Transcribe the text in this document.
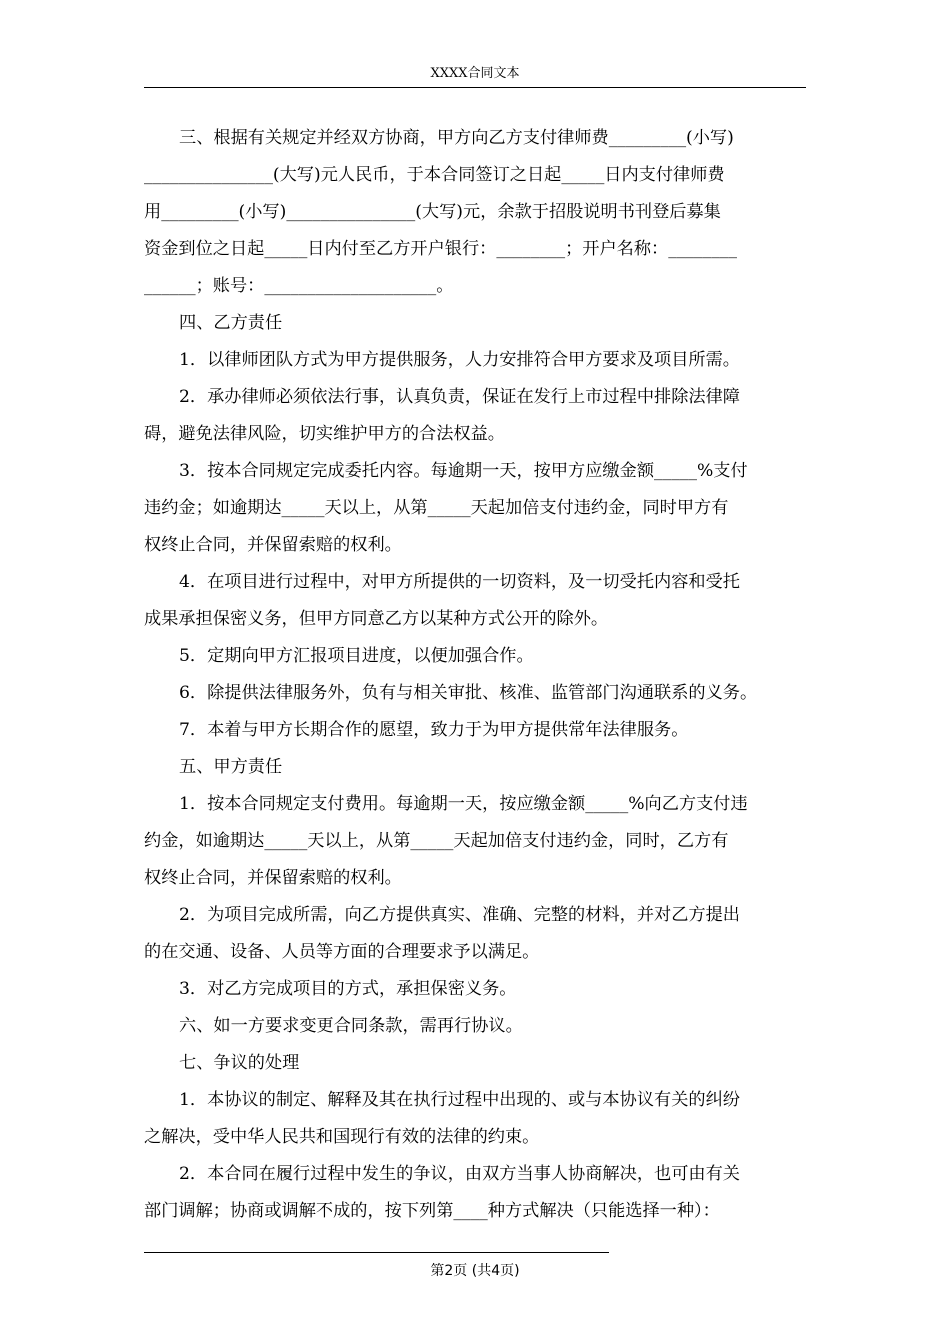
XXXX合同文本
三、根据有关规定并经双方协商，甲方向乙方支付律师费_________(小写)
_______________(大写)元人民币，于本合同签订之日起_____日内支付律师费
用_________(小写)_______________(大写)元，余款于招股说明书刊登后募集
资金到位之日起_____日内付至乙方开户银行：________；开户名称：________
______；账号：____________________。
四、乙方责任
1．以律师团队方式为甲方提供服务，人力安排符合甲方要求及项目所需。
2．承办律师必须依法行事，认真负责，保证在发行上市过程中排除法律障
碍，避免法律风险，切实维护甲方的合法权益。
3．按本合同规定完成委托内容。每逾期一天，按甲方应缴金额_____%支付
违约金；如逾期达_____天以上，从第_____天起加倍支付违约金，同时甲方有
权终止合同，并保留索赔的权利。
4．在项目进行过程中，对甲方所提供的一切资料，及一切受托内容和受托
成果承担保密义务，但甲方同意乙方以某种方式公开的除外。
5．定期向甲方汇报项目进度，以便加强合作。
6．除提供法律服务外，负有与相关审批、核准、监管部门沟通联系的义务。
7．本着与甲方长期合作的愿望，致力于为甲方提供常年法律服务。
五、甲方责任
1．按本合同规定支付费用。每逾期一天，按应缴金额_____%向乙方支付违
约金，如逾期达_____天以上，从第_____天起加倍支付违约金，同时，乙方有
权终止合同，并保留索赔的权利。
2．为项目完成所需，向乙方提供真实、准确、完整的材料，并对乙方提出
的在交通、设备、人员等方面的合理要求予以满足。
3．对乙方完成项目的方式，承担保密义务。
六、如一方要求变更合同条款，需再行协议。
七、争议的处理
1．本协议的制定、解释及其在执行过程中出现的、或与本协议有关的纠纷
之解决，受中华人民共和国现行有效的法律的约束。
2．本合同在履行过程中发生的争议，由双方当事人协商解决，也可由有关
部门调解；协商或调解不成的，按下列第____种方式解决（只能选择一种）：
第2页 (共4页)
